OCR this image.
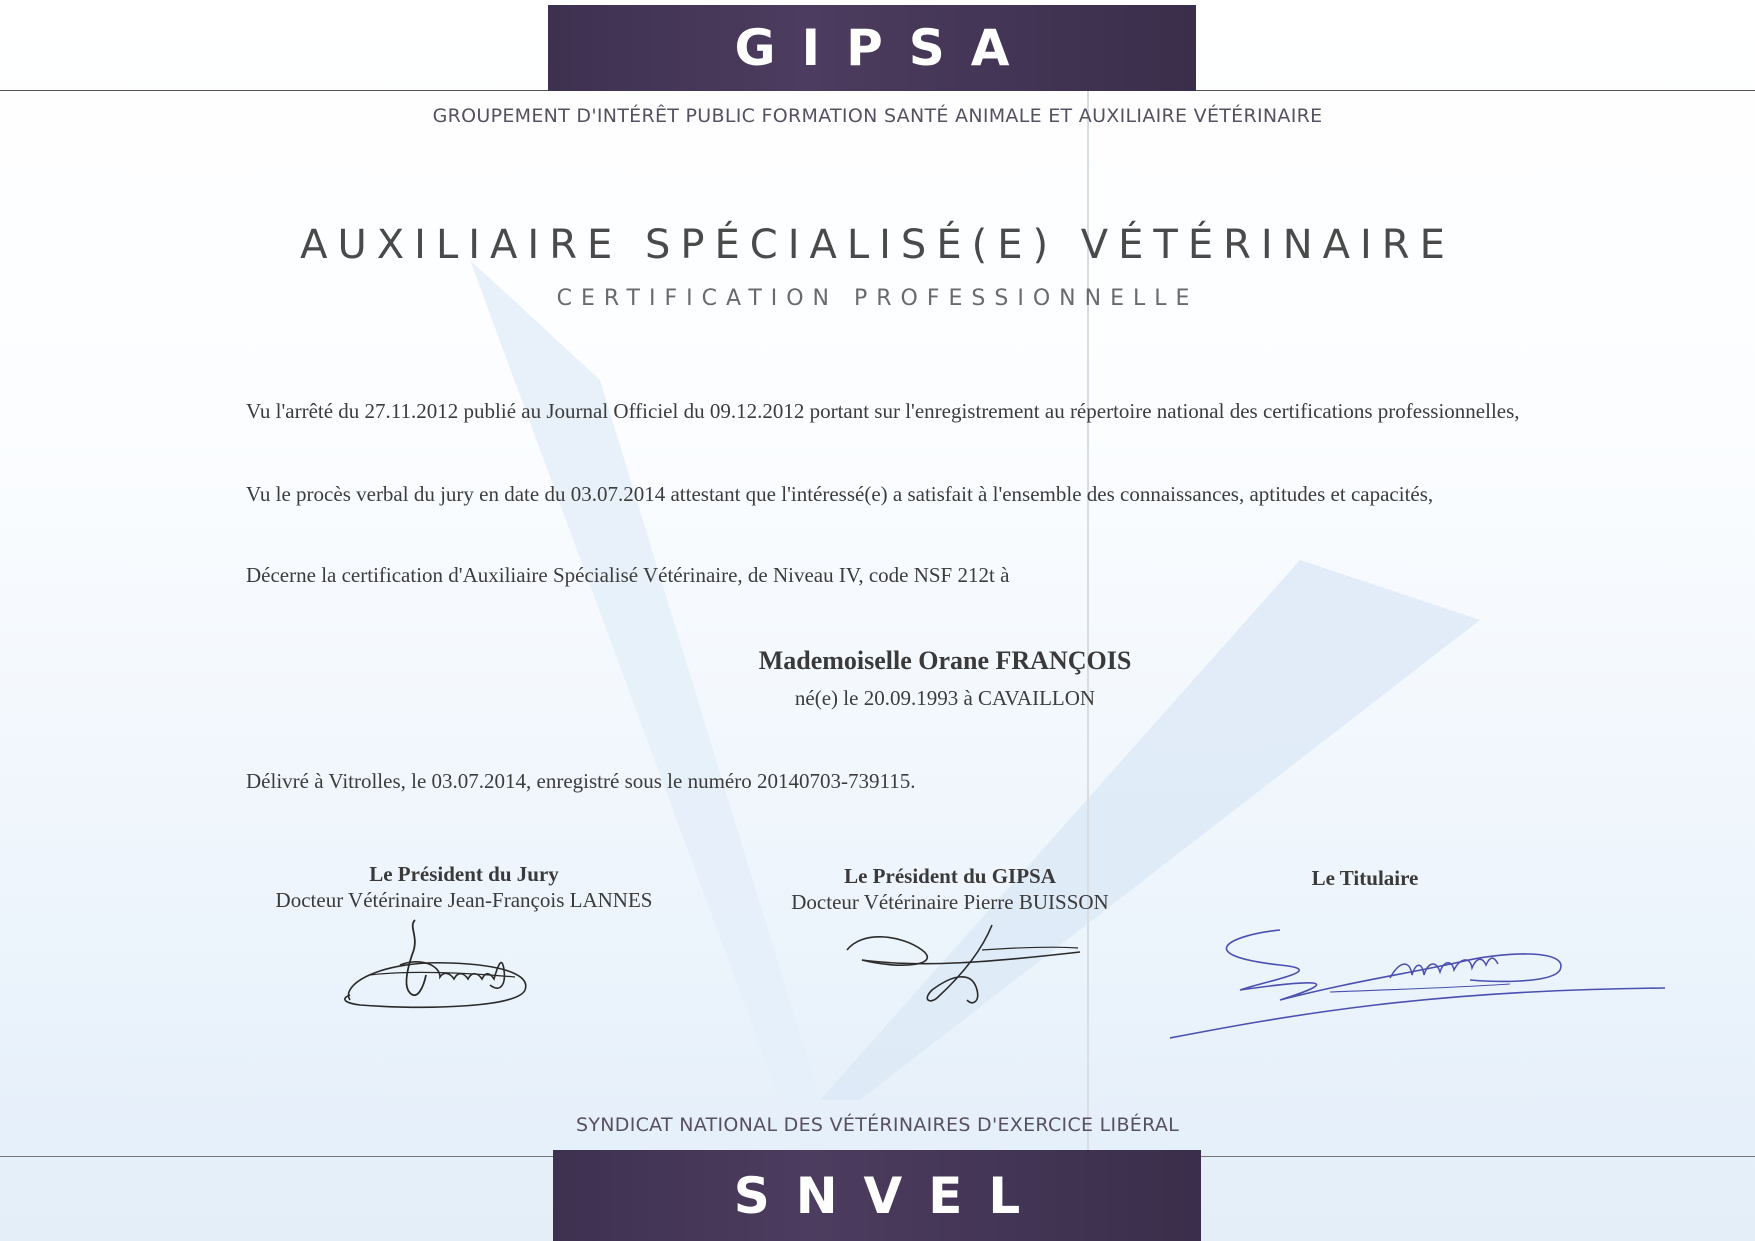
GIPSA
GROUPEMENT D'INTÉRÊT PUBLIC FORMATION SANTÉ ANIMALE ET AUXILIAIRE VÉTÉRINAIRE
AUXILIAIRE SPÉCIALISÉ(E) VÉTÉRINAIRE
CERTIFICATION PROFESSIONNELLE
Vu l'arrêté du 27.11.2012 publié au Journal Officiel du 09.12.2012 portant sur l'enregistrement au répertoire national des certifications professionnelles,
Vu le procès verbal du jury en date du 03.07.2014 attestant que l'intéressé(e) a satisfait à l'ensemble des connaissances, aptitudes et capacités,
Décerne la certification d'Auxiliaire Spécialisé Vétérinaire, de Niveau IV, code NSF 212t à
Mademoiselle Orane FRANÇOIS
né(e) le 20.09.1993 à CAVAILLON
Délivré à Vitrolles, le 03.07.2014, enregistré sous le numéro 20140703-739115.
Le Président du Jury
Docteur Vétérinaire Jean-François LANNES
Le Président du GIPSA
Docteur Vétérinaire Pierre BUISSON
Le Titulaire
SYNDICAT NATIONAL DES VÉTÉRINAIRES D'EXERCICE LIBÉRAL
SNVEL
